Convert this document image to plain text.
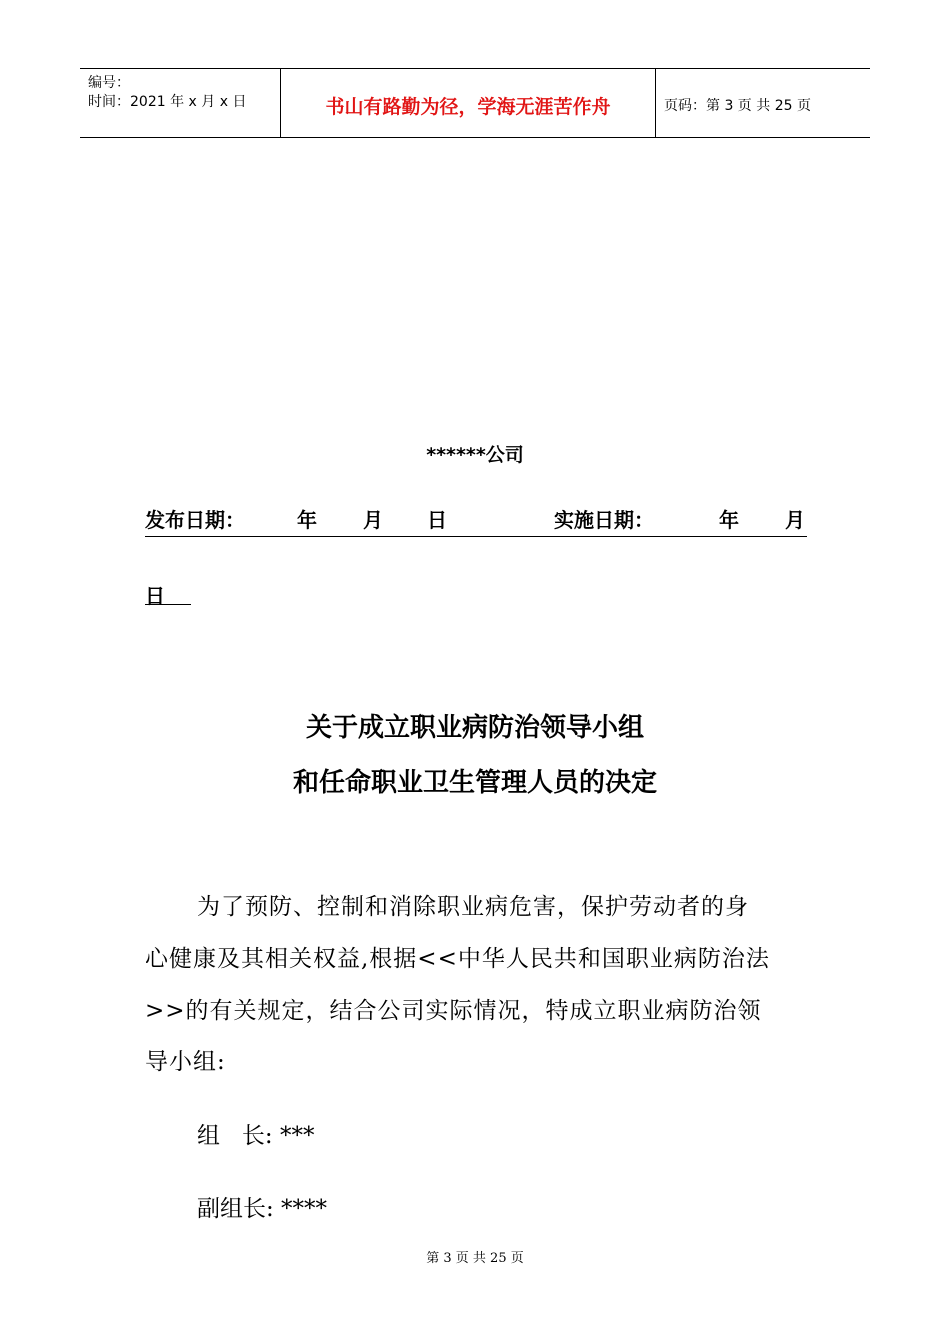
编号：
时间：2021 年 x 月 x 日	书山有路勤为径，学海无涯苦作舟	页码：第 3 页 共 25 页
******公司
发布日期：	年 月 日	实施日期：	年 月
日
关于成立职业病防治领导小组
和任命职业卫生管理人员的决定
为了预防、控制和消除职业病危害，保护劳动者的身
心健康及其相关权益,根据<<中华人民共和国职业病防治法
>>的有关规定，结合公司实际情况，特成立职业病防治领
导小组:
组   长: ***
副组长: ****
第 3 页 共 25 页
